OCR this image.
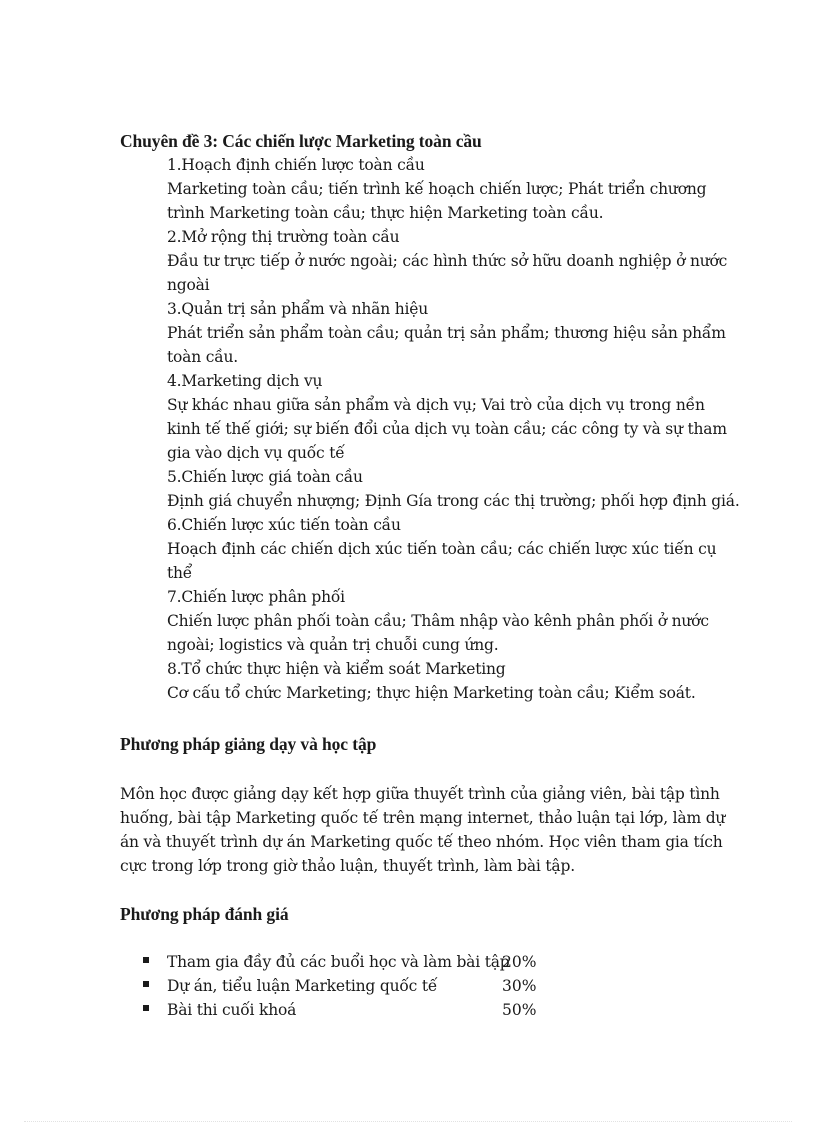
Chuyên đề 3: Các chiến lược Marketing toàn cầu
1.Hoạch định chiến lược toàn cầu
Marketing toàn cầu; tiến trình kế hoạch chiến lược; Phát triển chương
trình Marketing toàn cầu; thực hiện Marketing toàn cầu.
2.Mở rộng thị trường toàn cầu
Đầu tư trực tiếp ở nước ngoài; các hình thức sở hữu doanh nghiệp ở nước
ngoài
3.Quản trị sản phẩm và nhãn hiệu
Phát triển sản phẩm toàn cầu; quản trị sản phẩm; thương hiệu sản phẩm
toàn cầu.
4.Marketing dịch vụ
Sự khác nhau giữa sản phẩm và dịch vụ; Vai trò của dịch vụ trong nền
kinh tế thế giới; sự biến đổi của dịch vụ toàn cầu; các công ty và sự tham
gia vào dịch vụ quốc tế
5.Chiến lược giá toàn cầu
Định giá chuyển nhượng; Định Gía trong các thị trường; phối hợp định giá.
6.Chiến lược xúc tiến toàn cầu
Hoạch định các chiến dịch xúc tiến toàn cầu; các chiến lược xúc tiến cụ
thể
7.Chiến lược phân phối
Chiến lược phân phối toàn cầu; Thâm nhập vào kênh phân phối ở nước
ngoài; logistics và quản trị chuỗi cung ứng.
8.Tổ chức thực hiện và kiểm soát Marketing
Cơ cấu tổ chức Marketing; thực hiện Marketing toàn cầu; Kiểm soát.
Phương pháp giảng dạy và học tập
Môn học được giảng dạy kết hợp giữa thuyết trình của giảng viên, bài tập tình
huống, bài tập Marketing quốc tế trên mạng internet, thảo luận tại lớp, làm dự
án và thuyết trình dự án Marketing quốc tế theo nhóm. Học viên tham gia tích
cực trong lớp trong giờ thảo luận, thuyết trình, làm bài tập.
Phương pháp đánh giá
Tham gia đầy đủ các buổi học và làm bài tập
20%
Dự án, tiểu luận Marketing quốc tế	30%
Bài thi cuối khoá	50%
